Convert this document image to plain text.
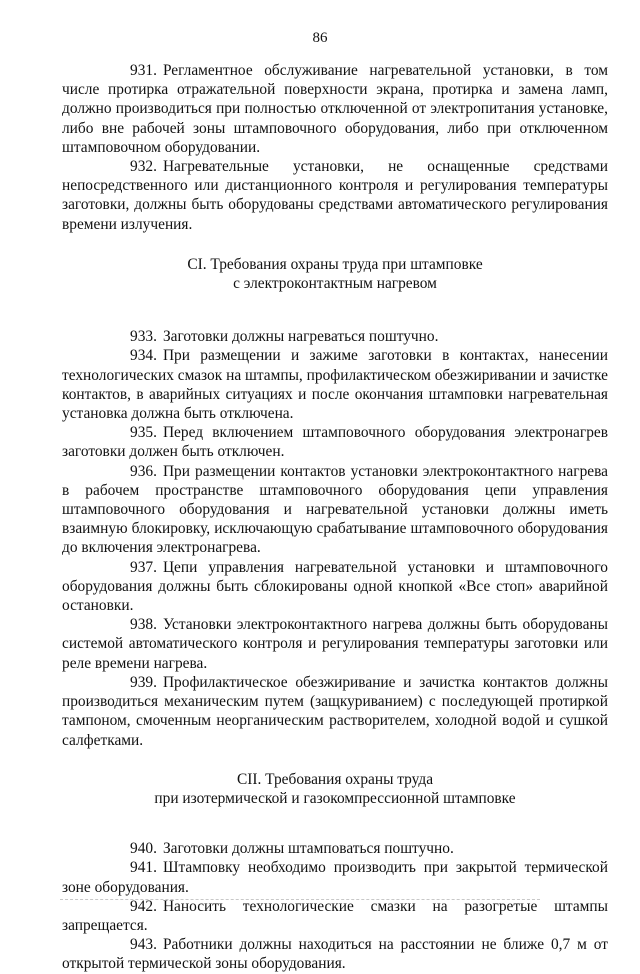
86

931. Регламентное обслуживание нагревательной установки, в том числе протирка отражательной поверхности экрана, протирка и замена ламп, должно производиться при полностью отключенной от электропитания установке, либо вне рабочей зоны штамповочного оборудования, либо при отключенном штамповочном оборудовании.

932. Нагревательные установки, не оснащенные средствами непосредственного или дистанционного контроля и регулирования температуры заготовки, должны быть оборудованы средствами автоматического регулирования времени излучения.

CI. Требования охраны труда при штамповке

с электроконтактным нагревом

933. Заготовки должны нагреваться поштучно.

934. При размещении и зажиме заготовки в контактах, нанесении технологических смазок на штампы, профилактическом обезжиривании и зачистке контактов, в аварийных ситуациях и после окончания штамповки нагревательная установка должна быть отключена.

935. Перед включением штамповочного оборудования электронагрев заготовки должен быть отключен.

936. При размещении контактов установки электроконтактного нагрева в рабочем пространстве штамповочного оборудования цепи управления штамповочного оборудования и нагревательной установки должны иметь взаимную блокировку, исключающую срабатывание штамповочного оборудования до включения электронагрева.

937. Цепи управления нагревательной установки и штамповочного оборудования должны быть сблокированы одной кнопкой «Все стоп» аварийной остановки.

938. Установки электроконтактного нагрева должны быть оборудованы системой автоматического контроля и регулирования температуры заготовки или реле времени нагрева.

939. Профилактическое обезжиривание и зачистка контактов должны производиться механическим путем (защкуриванием) с последующей протиркой тампоном, смоченным неорганическим растворителем, холодной водой и сушкой салфетками.

CII. Требования охраны труда

при изотермической и газокомпрессионной штамповке

940. Заготовки должны штамповаться поштучно.

941. Штамповку необходимо производить при закрытой термической зоне оборудования.

942. Наносить технологические смазки на разогретые штампы запрещается.

943. Работники должны находиться на расстоянии не ближе 0,7 м от открытой термической зоны оборудования.
